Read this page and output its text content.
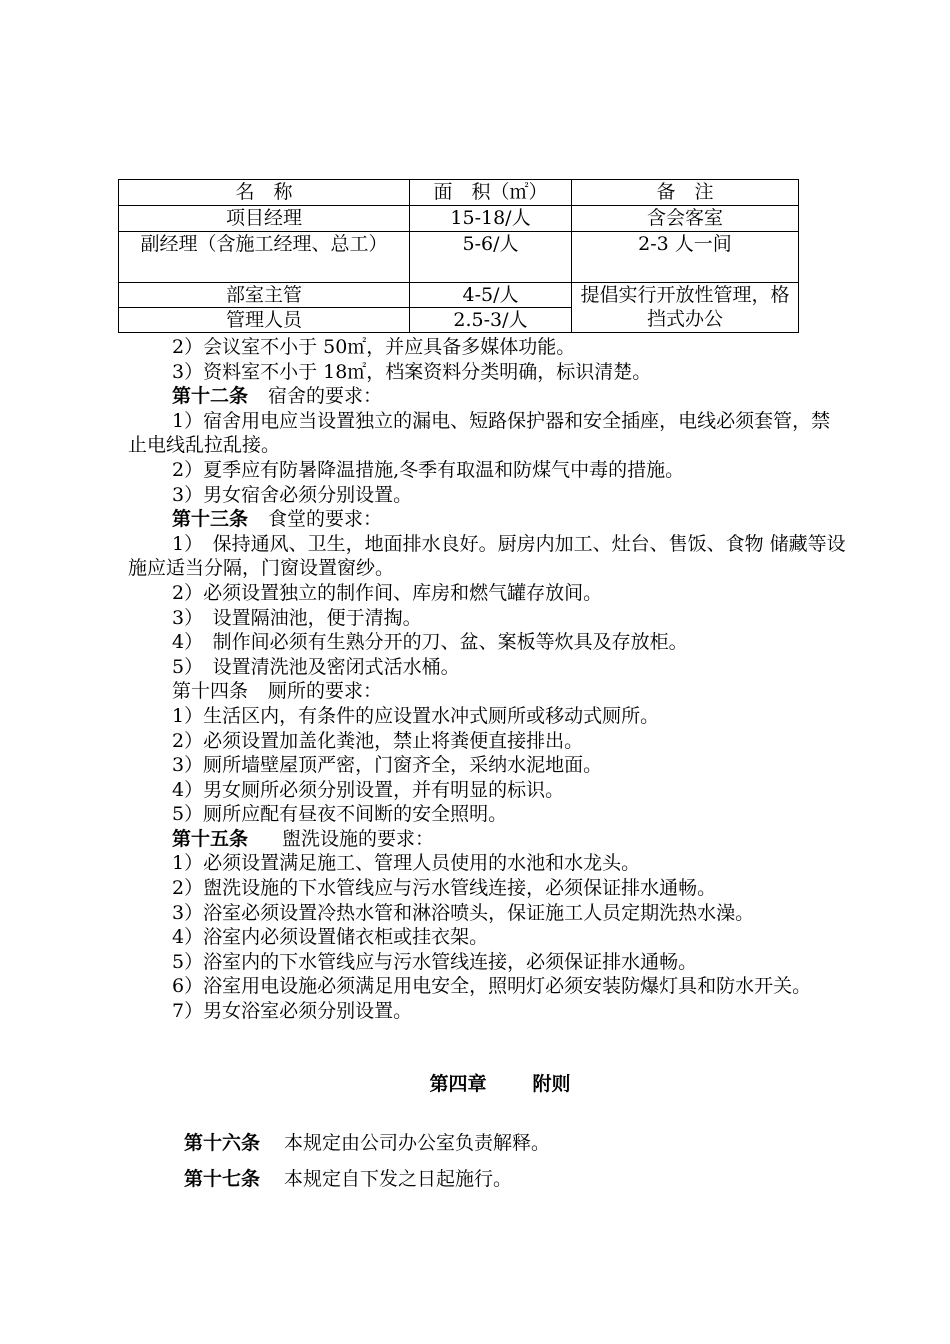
名　称	面　积（㎡）	备　注
项目经理	15-18/人	含会客室
副经理（含施工经理、总工）	5-6/人	2-3 人一间
部室主管	4-5/人	提倡实行开放性管理，格挡式办公
管理人员	2.5-3/人	
2）会议室不小于 50㎡，并应具备多媒体功能。
3）资料室不小于 18㎡，档案资料分类明确，标识清楚。
第十二条 宿舍的要求：
1）宿舍用电应当设置独立的漏电、短路保护器和安全插座，电线必须套管，禁止电线乱拉乱接。
2）夏季应有防暑降温措施,冬季有取温和防煤气中毒的措施。
3）男女宿舍必须分别设置。
第十三条 食堂的要求：
1）　保持通风、卫生，地面排水良好。厨房内加工、灶台、售饭、食物 储藏等设施应适当分隔，门窗设置窗纱。
2）必须设置独立的制作间、库房和燃气罐存放间。
3）　设置隔油池，便于清掏。
4）　制作间必须有生熟分开的刀、盆、案板等炊具及存放柜。
5）　设置清洗池及密闭式活水桶。
第十四条 厕所的要求：
1）生活区内，有条件的应设置水冲式厕所或移动式厕所。
2）必须设置加盖化粪池，禁止将粪便直接排出。
3）厕所墙壁屋顶严密，门窗齐全，采纳水泥地面。
4）男女厕所必须分别设置，并有明显的标识。
5）厕所应配有昼夜不间断的安全照明。
第十五条 盥洗设施的要求：
1）必须设置满足施工、管理人员使用的水池和水龙头。
2）盥洗设施的下水管线应与污水管线连接，必须保证排水通畅。
3）浴室必须设置冷热水管和淋浴喷头，保证施工人员定期洗热水澡。
4）浴室内必须设置储衣柜或挂衣架。
5）浴室内的下水管线应与污水管线连接，必须保证排水通畅。
6）浴室用电设施必须满足用电安全，照明灯必须安装防爆灯具和防水开关。
7）男女浴室必须分别设置。
第四章 附则
第十六条 本规定由公司办公室负责解释。
第十七条 本规定自下发之日起施行。
